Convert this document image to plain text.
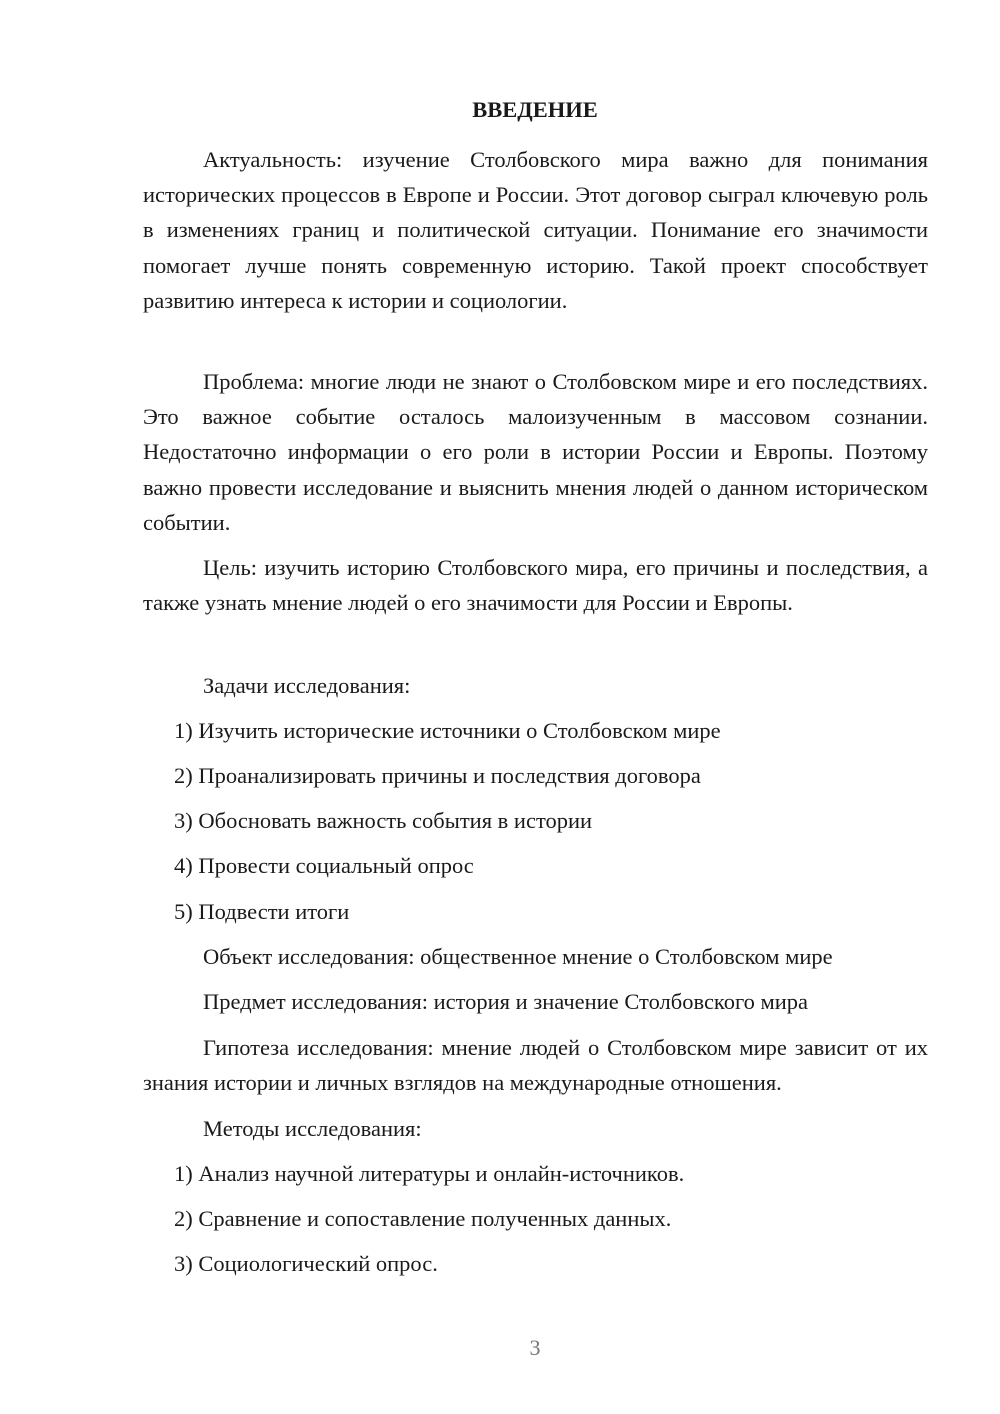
ВВЕДЕНИЕ

Актуальность: изучение Столбовского мира важно для понимания исторических процессов в Европе и России. Этот договор сыграл ключевую роль в изменениях границ и политической ситуации. Понимание его значимости помогает лучше понять современную историю. Такой проект способствует развитию интереса к истории и социологии.

Проблема: многие люди не знают о Столбовском мире и его последствиях. Это важное событие осталось малоизученным в массовом сознании. Недостаточно информации о его роли в истории России и Европы. Поэтому важно провести исследование и выяснить мнения людей о данном историческом событии.

Цель: изучить историю Столбовского мира, его причины и последствия, а также узнать мнение людей о его значимости для России и Европы.

Задачи исследования:

1) Изучить исторические источники о Столбовском мире

2) Проанализировать причины и последствия договора

3) Обосновать важность события в истории

4) Провести социальный опрос

5) Подвести итоги

Объект исследования: общественное мнение о Столбовском мире

Предмет исследования: история и значение Столбовского мира

Гипотеза исследования: мнение людей о Столбовском мире зависит от их знания истории и личных взглядов на международные отношения.

Методы исследования:

1) Анализ научной литературы и онлайн-источников.

2) Сравнение и сопоставление полученных данных.

3) Социологический опрос.

3
